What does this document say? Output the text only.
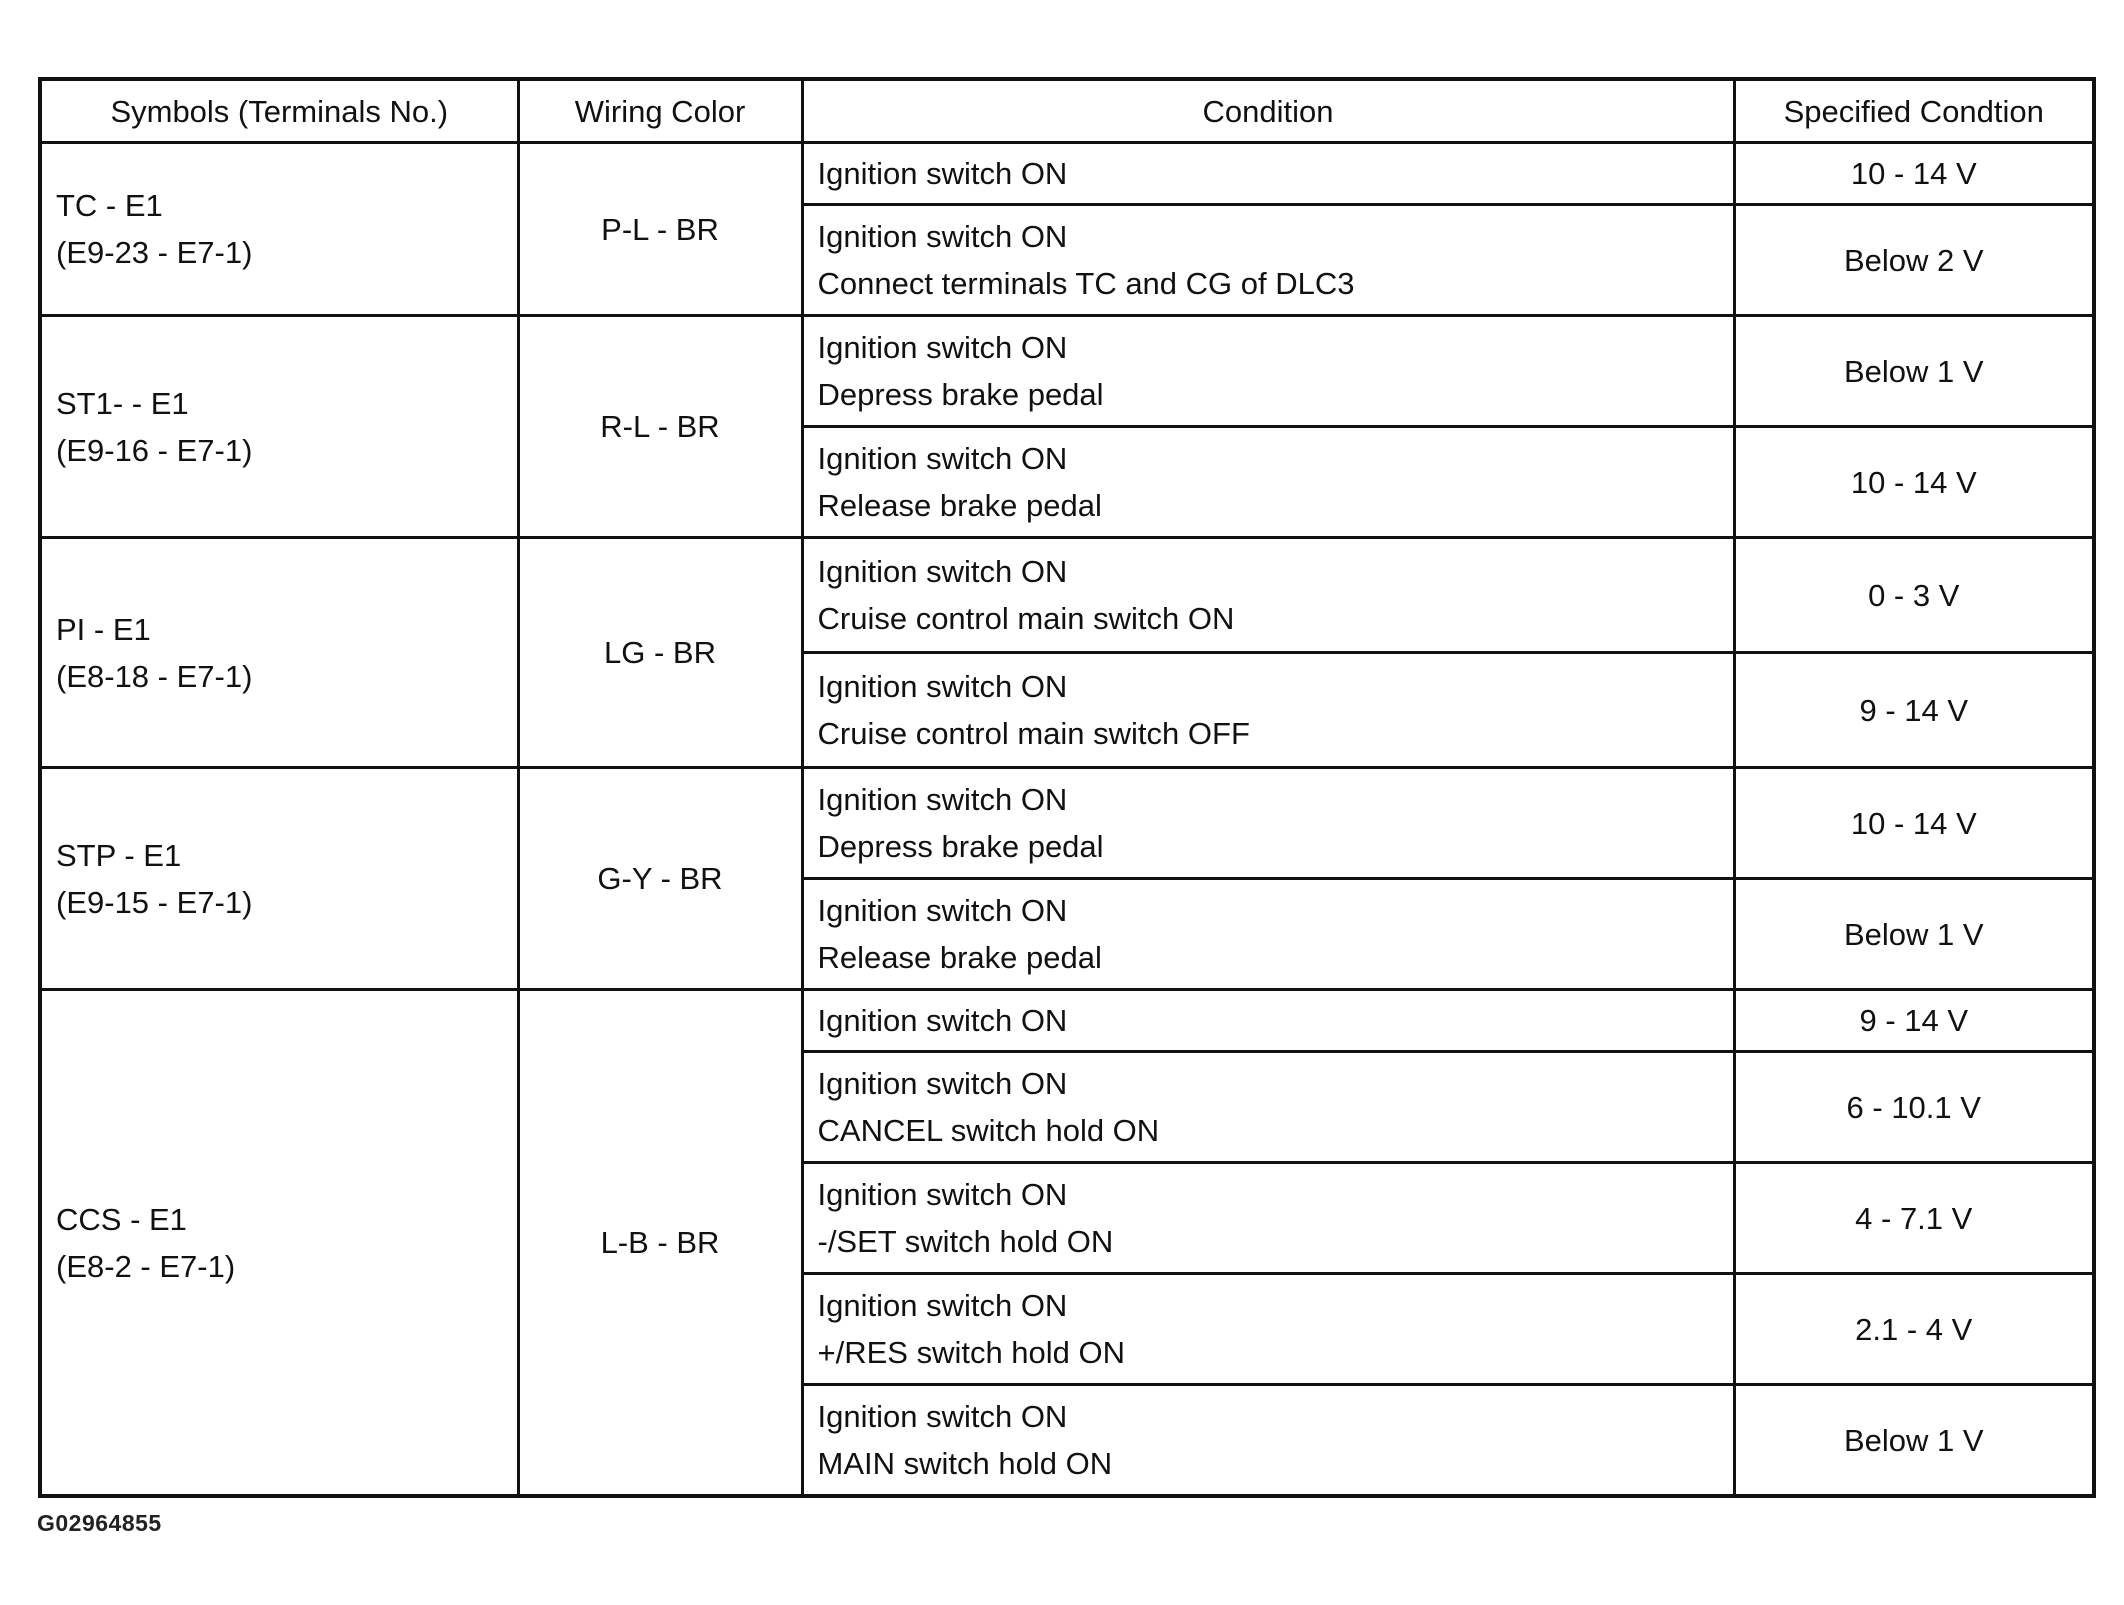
Symbols (Terminals No.)	Wiring Color	Condition	Specified Condtion

TC - E1
(E9-23 - E7-1)	P-L - BR	Ignition switch ON	10 - 14 V

		Ignition switch ON
Connect terminals TC and CG of DLC3	Below 2 V

ST1- - E1
(E9-16 - E7-1)	R-L - BR	Ignition switch ON
Depress brake pedal	Below 1 V

		Ignition switch ON
Release brake pedal	10 - 14 V

PI - E1
(E8-18 - E7-1)	LG - BR	Ignition switch ON
Cruise control main switch ON	0 - 3 V

		Ignition switch ON
Cruise control main switch OFF	9 - 14 V

STP - E1
(E9-15 - E7-1)	G-Y - BR	Ignition switch ON
Depress brake pedal	10 - 14 V

		Ignition switch ON
Release brake pedal	Below 1 V

CCS - E1
(E8-2 - E7-1)	L-B - BR	Ignition switch ON	9 - 14 V

		Ignition switch ON
CANCEL switch hold ON	6 - 10.1 V

		Ignition switch ON
-/SET switch hold ON	4 - 7.1 V

		Ignition switch ON
+/RES switch hold ON	2.1 - 4 V

		Ignition switch ON
MAIN switch hold ON	Below 1 V
G02964855
